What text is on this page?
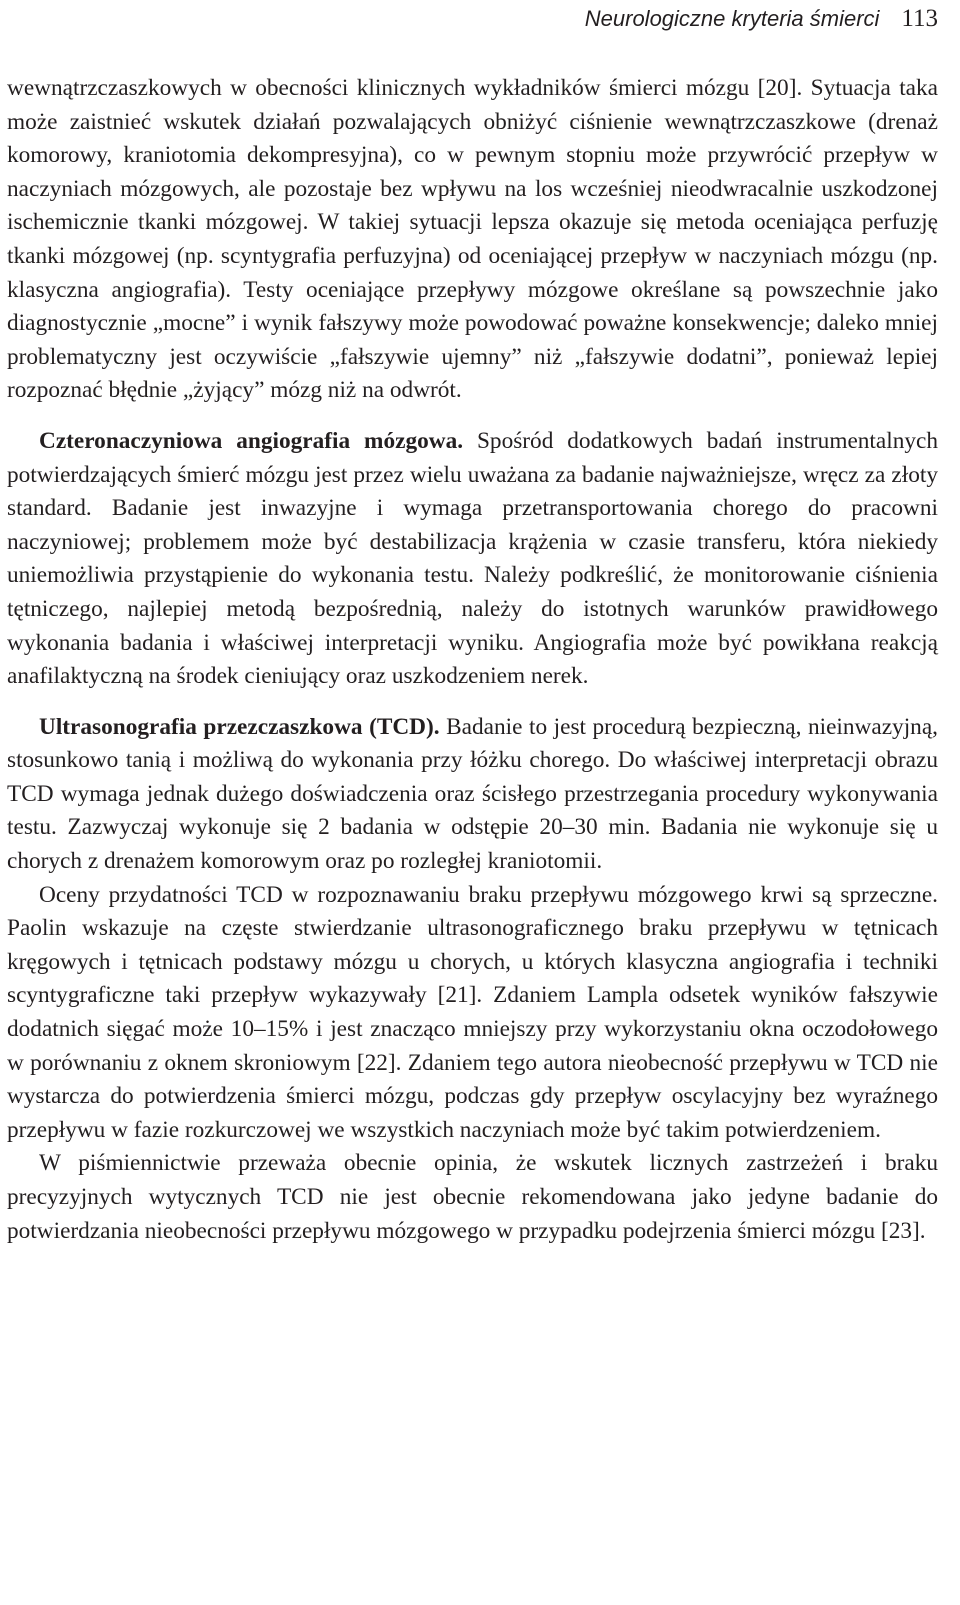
Neurologiczne kryteria śmierci 113

wewnątrzczaszkowych w obecności klinicznych wykładników śmierci mózgu [20]. Sytuacja taka może zaistnieć wskutek działań pozwalających obniżyć ciśnienie wewnątrzczaszkowe (drenaż komorowy, kraniotomia dekompresyjna), co w pewnym stopniu może przywrócić przepływ w naczyniach mózgowych, ale pozostaje bez wpływu na los wcześniej nieodwracalnie uszkodzonej ischemicznie tkanki mózgowej. W takiej sytuacji lepsza okazuje się metoda oceniająca perfuzję tkanki mózgowej (np. scyntygrafia perfuzyjna) od oceniającej przepływ w naczyniach mózgu (np. klasyczna angiografia). Testy oceniające przepływy mózgowe określane są powszechnie jako diagnostycznie „mocne” i wynik fałszywy może powodować poważne konsekwencje; daleko mniej problematyczny jest oczywiście „fałszywie ujemny” niż „fałszywie dodatni”, ponieważ lepiej rozpoznać błędnie „żyjący” mózg niż na odwrót.

Czteronaczyniowa angiografia mózgowa. Spośród dodatkowych badań instrumentalnych potwierdzających śmierć mózgu jest przez wielu uważana za badanie najważniejsze, wręcz za złoty standard. Badanie jest inwazyjne i wymaga przetransportowania chorego do pracowni naczyniowej; problemem może być destabilizacja krążenia w czasie transferu, która niekiedy uniemożliwia przystąpienie do wykonania testu. Należy podkreślić, że monitorowanie ciśnienia tętniczego, najlepiej metodą bezpośrednią, należy do istotnych warunków prawidłowego wykonania badania i właściwej interpretacji wyniku. Angiografia może być powikłana reakcją anafilaktyczną na środek cieniujący oraz uszkodzeniem nerek.

Ultrasonografia przezczaszkowa (TCD). Badanie to jest procedurą bezpieczną, nieinwazyjną, stosunkowo tanią i możliwą do wykonania przy łóżku chorego. Do właściwej interpretacji obrazu TCD wymaga jednak dużego doświadczenia oraz ścisłego przestrzegania procedury wykonywania testu. Zazwyczaj wykonuje się 2 badania w odstępie 20–30 min. Badania nie wykonuje się u chorych z drenażem komorowym oraz po rozległej kraniotomii.

Oceny przydatności TCD w rozpoznawaniu braku przepływu mózgowego krwi są sprzeczne. Paolin wskazuje na częste stwierdzanie ultrasonograficznego braku przepływu w tętnicach kręgowych i tętnicach podstawy mózgu u chorych, u których klasyczna angiografia i techniki scyntygraficzne taki przepływ wykazywały [21]. Zdaniem Lampla odsetek wyników fałszywie dodatnich sięgać może 10–15% i jest znacząco mniejszy przy wykorzystaniu okna oczodołowego w porównaniu z oknem skroniowym [22]. Zdaniem tego autora nieobecność przepływu w TCD nie wystarcza do potwierdzenia śmierci mózgu, podczas gdy przepływ oscylacyjny bez wyraźnego przepływu w fazie rozkurczowej we wszystkich naczyniach może być takim potwierdzeniem.

W piśmiennictwie przeważa obecnie opinia, że wskutek licznych zastrzeżeń i braku precyzyjnych wytycznych TCD nie jest obecnie rekomendowana jako jedyne badanie do potwierdzania nieobecności przepływu mózgowego w przypadku podejrzenia śmierci mózgu [23].
